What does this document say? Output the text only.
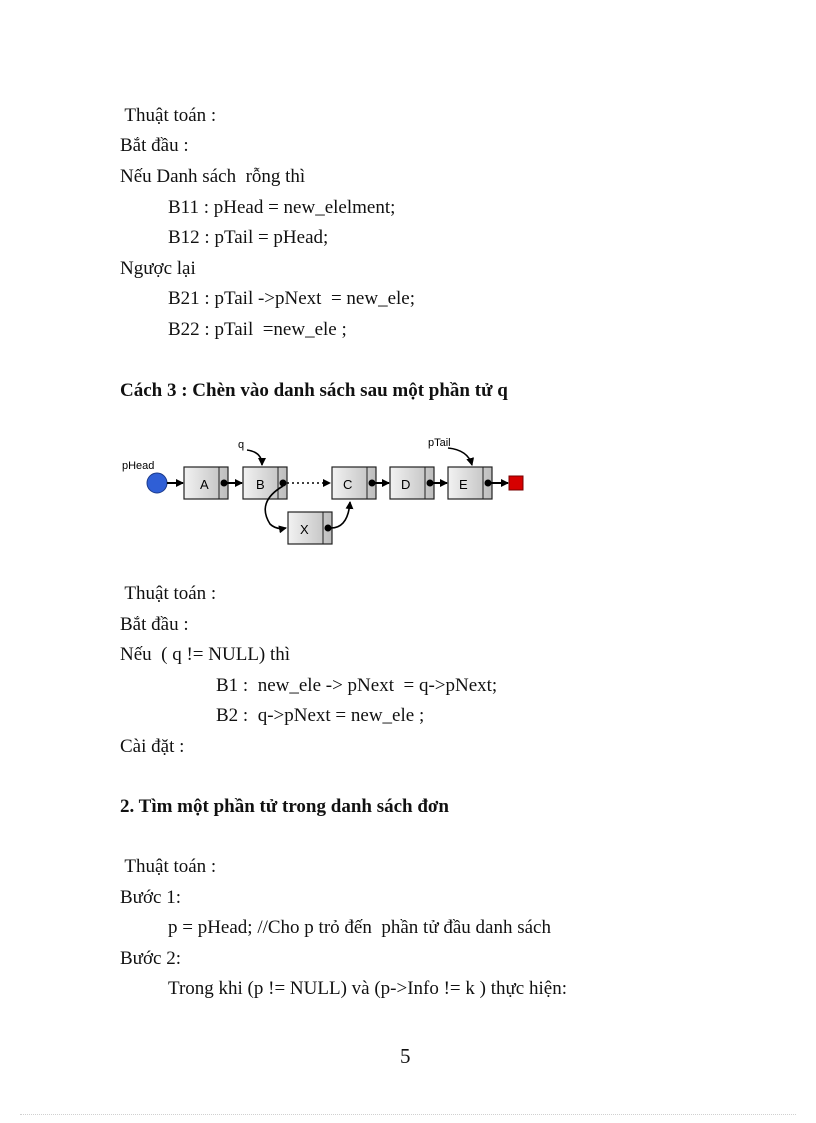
Thuật toán :
Bắt đầu :
Nếu Danh sách  rỗng thì
B11 : pHead = new_elelment;
B12 : pTail = pHead;
Ngược lại
B21 : pTail ->pNext  = new_ele;
B22 : pTail  =new_ele ;
Cách 3 : Chèn vào danh sách sau một phần tử q
pHead
A	B
q
C	D	E
pTail
X
Thuật toán :
Bắt đầu :
Nếu  ( q != NULL) thì
B1 :  new_ele -> pNext  = q->pNext;
B2 :  q->pNext = new_ele ;
Cài đặt :
2. Tìm một phần tử trong danh sách đơn
Thuật toán :
Bước 1:
p = pHead; //Cho p trỏ đến  phần tử đầu danh sách
Bước 2:
Trong khi (p != NULL) và (p->Info != k ) thực hiện:
5
